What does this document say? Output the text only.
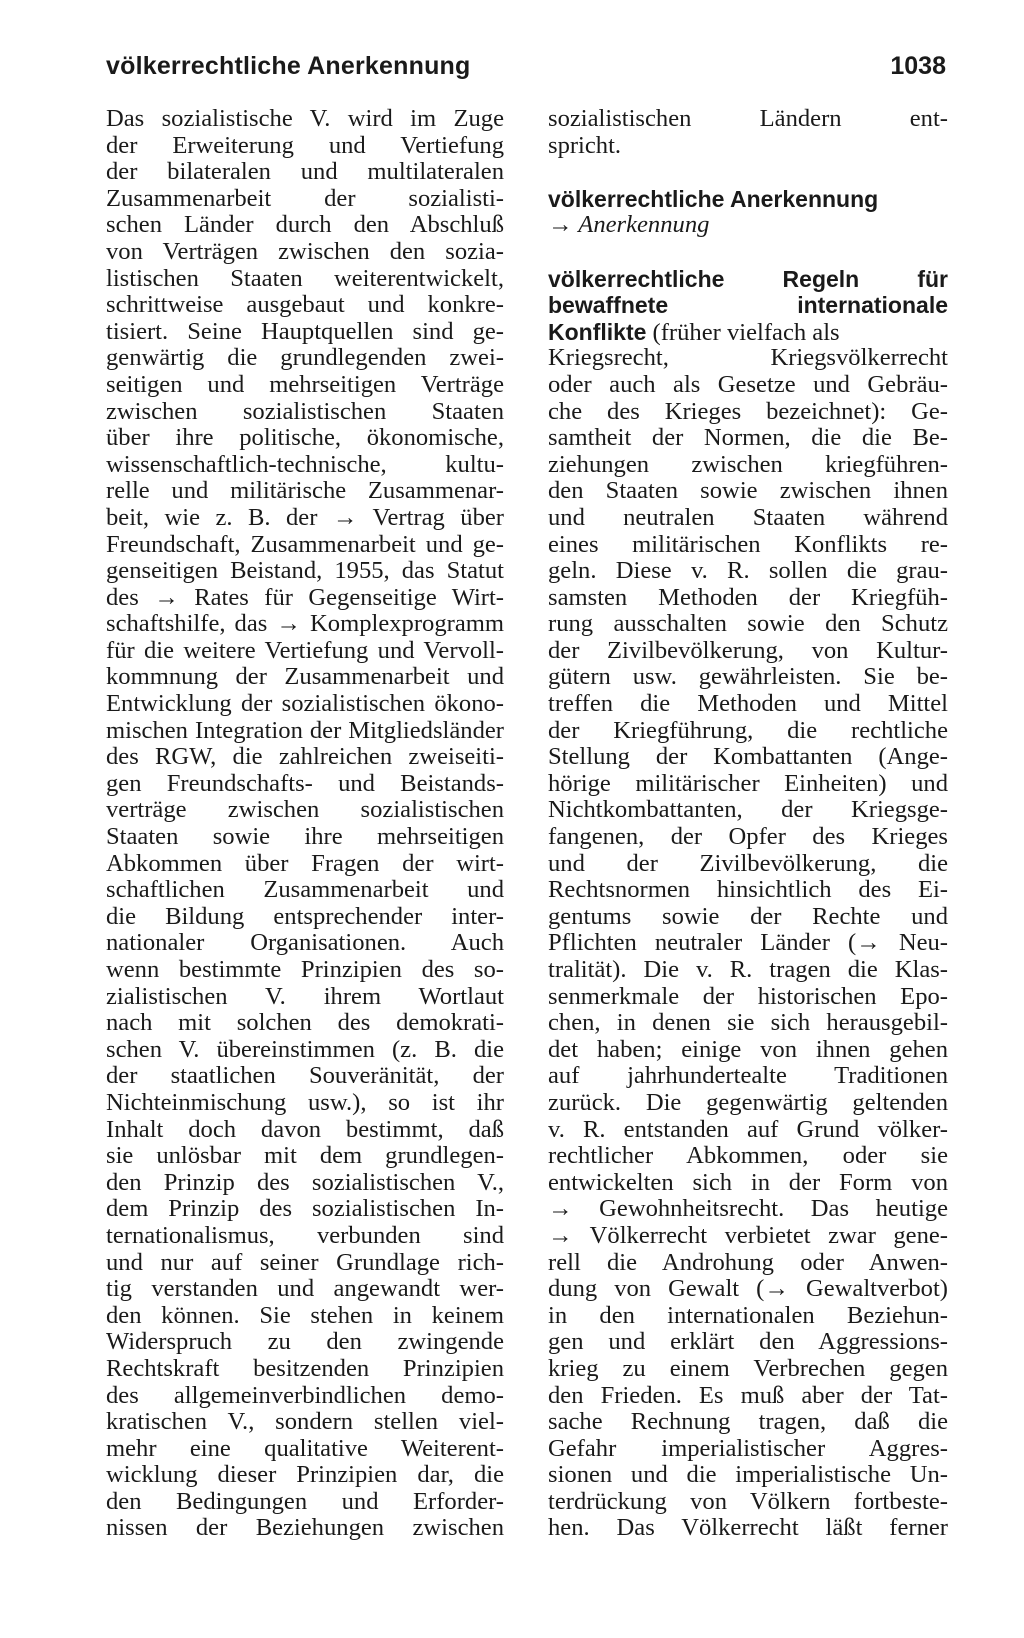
völkerrechtliche Anerkennung	1038
Das sozialistische V. wird im Zuge
der Erweiterung und Vertiefung
der bilateralen und multilateralen
Zusammenarbeit der sozialisti-
schen Länder durch den Abschluß
von Verträgen zwischen den sozia-
listischen Staaten weiterentwickelt,
schrittweise ausgebaut und konkre-
tisiert. Seine Hauptquellen sind ge-
genwärtig die grundlegenden zwei-
seitigen und mehrseitigen Verträge
zwischen sozialistischen Staaten
über ihre politische, ökonomische,
wissenschaftlich-technische, kultu-
relle und militärische Zusammenar-
beit, wie z. B. der → Vertrag über
Freundschaft, Zusammenarbeit und ge-
genseitigen Beistand, 1955, das Statut
des → Rates für Gegenseitige Wirt-
schaftshilfe, das → Komplexprogramm
für die weitere Vertiefung und Vervoll-
kommnung der Zusammenarbeit und
Entwicklung der sozialistischen ökono-
mischen Integration der Mitgliedsländer
des RGW, die zahlreichen zweiseiti-
gen Freundschafts- und Beistands-
verträge zwischen sozialistischen
Staaten sowie ihre mehrseitigen
Abkommen über Fragen der wirt-
schaftlichen Zusammenarbeit und
die Bildung entsprechender inter-
nationaler Organisationen. Auch
wenn bestimmte Prinzipien des so-
zialistischen V. ihrem Wortlaut
nach mit solchen des demokrati-
schen V. übereinstimmen (z. B. die
der staatlichen Souveränität, der
Nichteinmischung usw.), so ist ihr
Inhalt doch davon bestimmt, daß
sie unlösbar mit dem grundlegen-
den Prinzip des sozialistischen V.,
dem Prinzip des sozialistischen In-
ternationalismus, verbunden sind
und nur auf seiner Grundlage rich-
tig verstanden und angewandt wer-
den können. Sie stehen in keinem
Widerspruch zu den zwingende
Rechtskraft besitzenden Prinzipien
des allgemeinverbindlichen demo-
kratischen V., sondern stellen viel-
mehr eine qualitative Weiterent-
wicklung dieser Prinzipien dar, die
den Bedingungen und Erforder-
nissen der Beziehungen zwischen
sozialistischen Ländern ent-
spricht.
völkerrechtliche Anerkennung
→ Anerkennung
völkerrechtliche Regeln für
bewaffnete internationale
Konflikte (früher vielfach als
Kriegsrecht, Kriegsvölkerrecht
oder auch als Gesetze und Gebräu-
che des Krieges bezeichnet): Ge-
samtheit der Normen, die die Be-
ziehungen zwischen kriegführen-
den Staaten sowie zwischen ihnen
und neutralen Staaten während
eines militärischen Konflikts re-
geln. Diese v. R. sollen die grau-
samsten Methoden der Kriegfüh-
rung ausschalten sowie den Schutz
der Zivilbevölkerung, von Kultur-
gütern usw. gewährleisten. Sie be-
treffen die Methoden und Mittel
der Kriegführung, die rechtliche
Stellung der Kombattanten (Ange-
hörige militärischer Einheiten) und
Nichtkombattanten, der Kriegsge-
fangenen, der Opfer des Krieges
und der Zivilbevölkerung, die
Rechtsnormen hinsichtlich des Ei-
gentums sowie der Rechte und
Pflichten neutraler Länder (→ Neu-
tralität). Die v. R. tragen die Klas-
senmerkmale der historischen Epo-
chen, in denen sie sich herausgebil-
det haben; einige von ihnen gehen
auf jahrhundertealte Traditionen
zurück. Die gegenwärtig geltenden
v. R. entstanden auf Grund völker-
rechtlicher Abkommen, oder sie
entwickelten sich in der Form von
→ Gewohnheitsrecht. Das heutige
→ Völkerrecht verbietet zwar gene-
rell die Androhung oder Anwen-
dung von Gewalt (→ Gewaltverbot)
in den internationalen Beziehun-
gen und erklärt den Aggressions-
krieg zu einem Verbrechen gegen
den Frieden. Es muß aber der Tat-
sache Rechnung tragen, daß die
Gefahr imperialistischer Aggres-
sionen und die imperialistische Un-
terdrückung von Völkern fortbeste-
hen. Das Völkerrecht läßt ferner
